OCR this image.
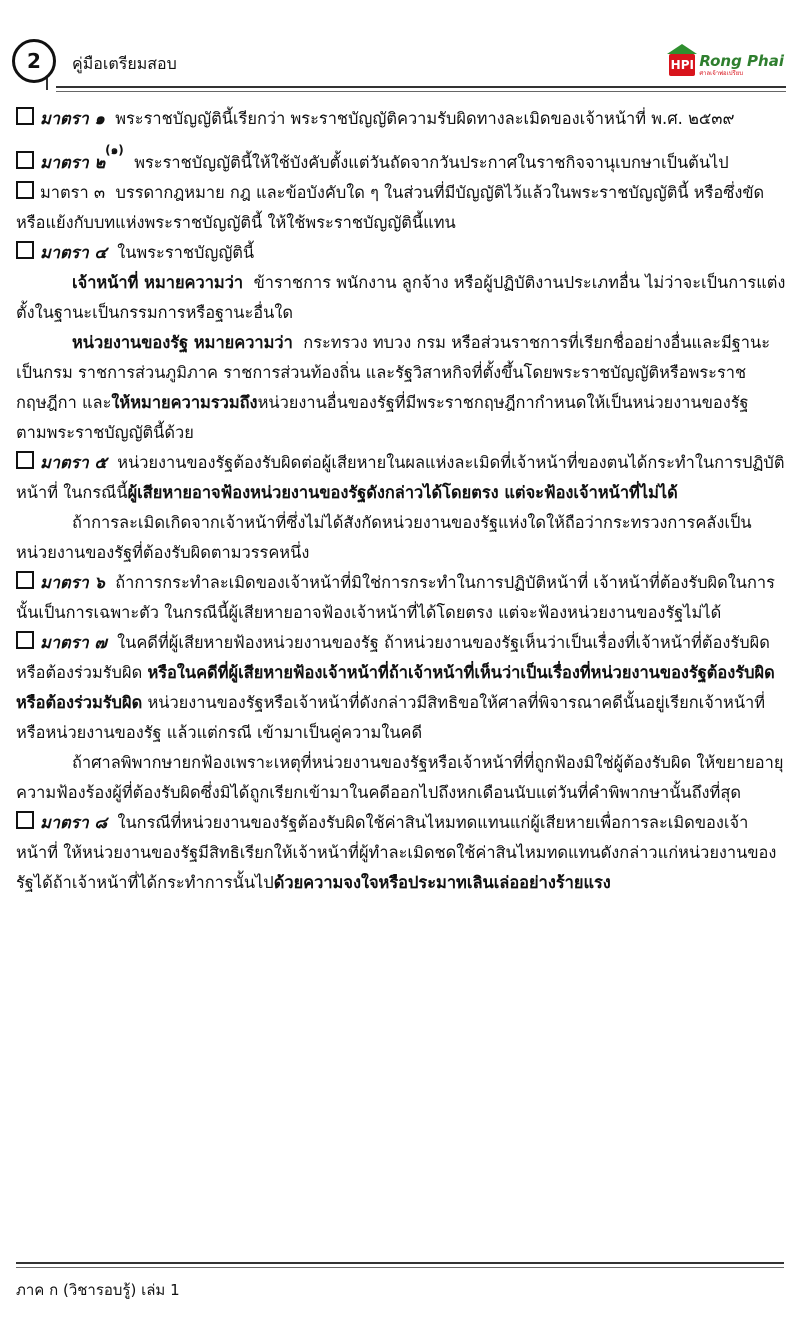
2	คู่มือเตรียมสอบ	HPI Rong Phai
ศาลเจ้าพ่อเปรียบ

มาตรา ๑ พระราชบัญญัตินี้เรียกว่า พระราชบัญญัติความรับผิดทางละเมิดของเจ้าหน้าที่ พ.ศ. ๒๕๓๙

มาตรา ๒$^{(๑)}$  พระราชบัญญัตินี้ให้ใช้บังคับตั้งแต่วันถัดจากวันประกาศในราชกิจจานุเบกษาเป็นต้นไป

มาตรา ๓ บรรดากฎหมาย กฎ และข้อบังคับใด ๆ ในส่วนที่มีบัญญัติไว้แล้วในพระราชบัญญัตินี้ หรือซึ่งขัดหรือแย้งกับบทแห่งพระราชบัญญัตินี้ ให้ใช้พระราชบัญญัตินี้แทน

มาตรา ๔ ในพระราชบัญญัตินี้

เจ้าหน้าที่ หมายความว่า ข้าราชการ พนักงาน ลูกจ้าง หรือผู้ปฏิบัติงานประเภทอื่น ไม่ว่าจะเป็นการแต่งตั้งในฐานะเป็นกรรมการหรือฐานะอื่นใด

หน่วยงานของรัฐ หมายความว่า กระทรวง ทบวง กรม หรือส่วนราชการที่เรียกชื่ออย่างอื่นและมีฐานะเป็นกรม ราชการส่วนภูมิภาค ราชการส่วนท้องถิ่น และรัฐวิสาหกิจที่ตั้งขึ้นโดยพระราชบัญญัติหรือพระราชกฤษฎีกา และให้หมายความรวมถึงหน่วยงานอื่นของรัฐที่มีพระราชกฤษฎีกากำหนดให้เป็นหน่วยงานของรัฐตามพระราชบัญญัตินี้ด้วย

มาตรา ๕ หน่วยงานของรัฐต้องรับผิดต่อผู้เสียหายในผลแห่งละเมิดที่เจ้าหน้าที่ของตนได้กระทำในการปฏิบัติหน้าที่ ในกรณีนี้ผู้เสียหายอาจฟ้องหน่วยงานของรัฐดังกล่าวได้โดยตรง แต่จะฟ้องเจ้าหน้าที่ไม่ได้

ถ้าการละเมิดเกิดจากเจ้าหน้าที่ซึ่งไม่ได้สังกัดหน่วยงานของรัฐแห่งใดให้ถือว่ากระทรวงการคลังเป็นหน่วยงานของรัฐที่ต้องรับผิดตามวรรคหนึ่ง

มาตรา ๖ ถ้าการกระทำละเมิดของเจ้าหน้าที่มิใช่การกระทำในการปฏิบัติหน้าที่ เจ้าหน้าที่ต้องรับผิดในการนั้นเป็นการเฉพาะตัว ในกรณีนี้ผู้เสียหายอาจฟ้องเจ้าหน้าที่ได้โดยตรง แต่จะฟ้องหน่วยงานของรัฐไม่ได้

มาตรา ๗ ในคดีที่ผู้เสียหายฟ้องหน่วยงานของรัฐ ถ้าหน่วยงานของรัฐเห็นว่าเป็นเรื่องที่เจ้าหน้าที่ต้องรับผิดหรือต้องร่วมรับผิด หรือในคดีที่ผู้เสียหายฟ้องเจ้าหน้าที่ถ้าเจ้าหน้าที่เห็นว่าเป็นเรื่องที่หน่วยงานของรัฐต้องรับผิดหรือต้องร่วมรับผิด หน่วยงานของรัฐหรือเจ้าหน้าที่ดังกล่าวมีสิทธิขอให้ศาลที่พิจารณาคดีนั้นอยู่เรียกเจ้าหน้าที่หรือหน่วยงานของรัฐ แล้วแต่กรณี เข้ามาเป็นคู่ความในคดี

ถ้าศาลพิพากษายกฟ้องเพราะเหตุที่หน่วยงานของรัฐหรือเจ้าหน้าที่ที่ถูกฟ้องมิใช่ผู้ต้องรับผิด ให้ขยายอายุความฟ้องร้องผู้ที่ต้องรับผิดซึ่งมิได้ถูกเรียกเข้ามาในคดีออกไปถึงหกเดือนนับแต่วันที่คำพิพากษานั้นถึงที่สุด

มาตรา ๘ ในกรณีที่หน่วยงานของรัฐต้องรับผิดใช้ค่าสินไหมทดแทนแก่ผู้เสียหายเพื่อการละเมิดของเจ้าหน้าที่ ให้หน่วยงานของรัฐมีสิทธิเรียกให้เจ้าหน้าที่ผู้ทำละเมิดชดใช้ค่าสินไหมทดแทนดังกล่าวแก่หน่วยงานของรัฐได้ถ้าเจ้าหน้าที่ได้กระทำการนั้นไปด้วยความจงใจหรือประมาทเลินเล่ออย่างร้ายแรง

ภาค ก (วิชารอบรู้) เล่ม 1
